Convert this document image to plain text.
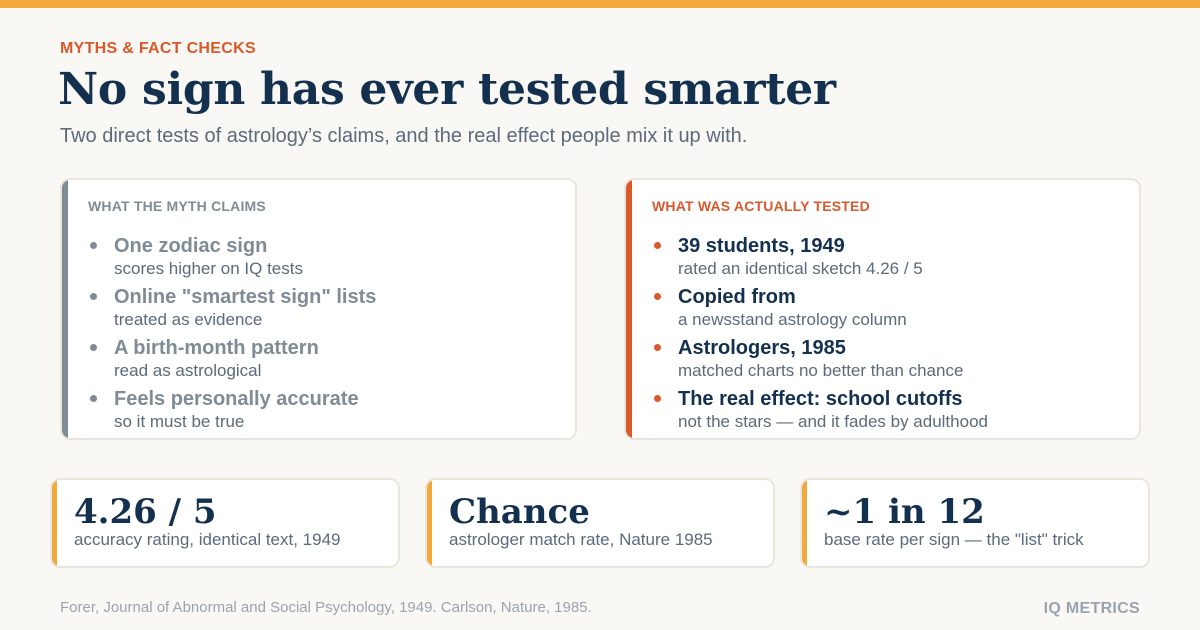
MYTHS & FACT CHECKS
No sign has ever tested smarter
Two direct tests of astrology’s claims, and the real effect people mix it up with.
WHAT THE MYTH CLAIMS
One zodiac sign
scores higher on IQ tests
Online "smartest sign" lists
treated as evidence
A birth-month pattern
read as astrological
Feels personally accurate
so it must be true
WHAT WAS ACTUALLY TESTED
39 students, 1949
rated an identical sketch 4.26 / 5
Copied from
a newsstand astrology column
Astrologers, 1985
matched charts no better than chance
The real effect: school cutoffs
not the stars — and it fades by adulthood
4.26 / 5
accuracy rating, identical text, 1949
Chance
astrologer match rate, Nature 1985
~1 in 12
base rate per sign — the "list" trick
Forer, Journal of Abnormal and Social Psychology, 1949. Carlson, Nature, 1985.	IQ METRICS
